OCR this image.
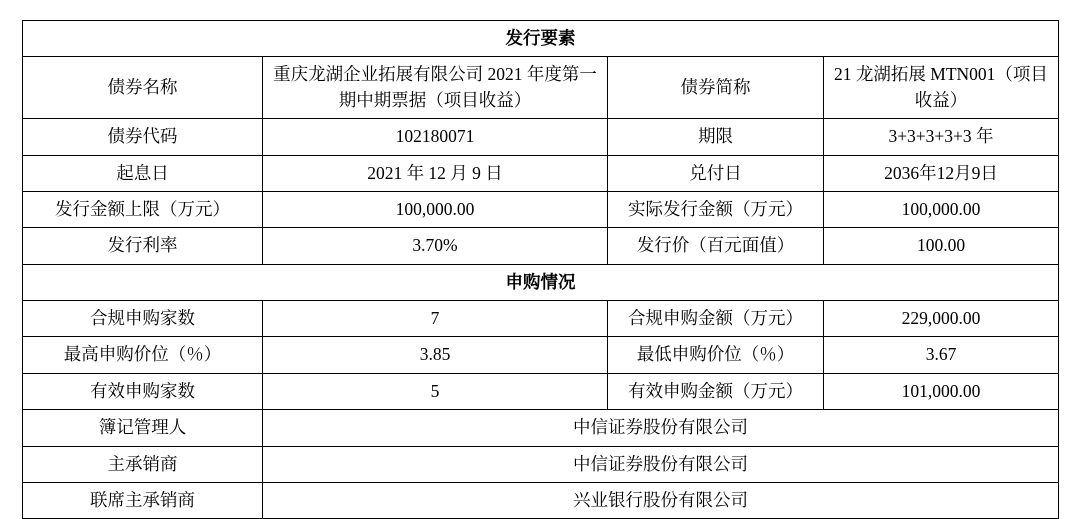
发行要素			
债券名称	重庆龙湖企业拓展有限公司 2021 年度第一期中期票据（项目收益）	债券简称	21 龙湖拓展 MTN001（项目收益）
债券代码	102180071	期限	3+3+3+3+3 年
起息日	2021 年 12 月 9 日	兑付日	2036年12月9日
发行金额上限（万元）	100,000.00	实际发行金额（万元）	100,000.00
发行利率	3.70%	发行价（百元面值）	100.00
申购情况			
合规申购家数	7	合规申购金额（万元）	229,000.00
最高申购价位（％）	3.85	最低申购价位（％）	3.67
有效申购家数	5	有效申购金额（万元）	101,000.00
簿记管理人	中信证券股份有限公司		
主承销商	中信证券股份有限公司		
联席主承销商	兴业银行股份有限公司		
